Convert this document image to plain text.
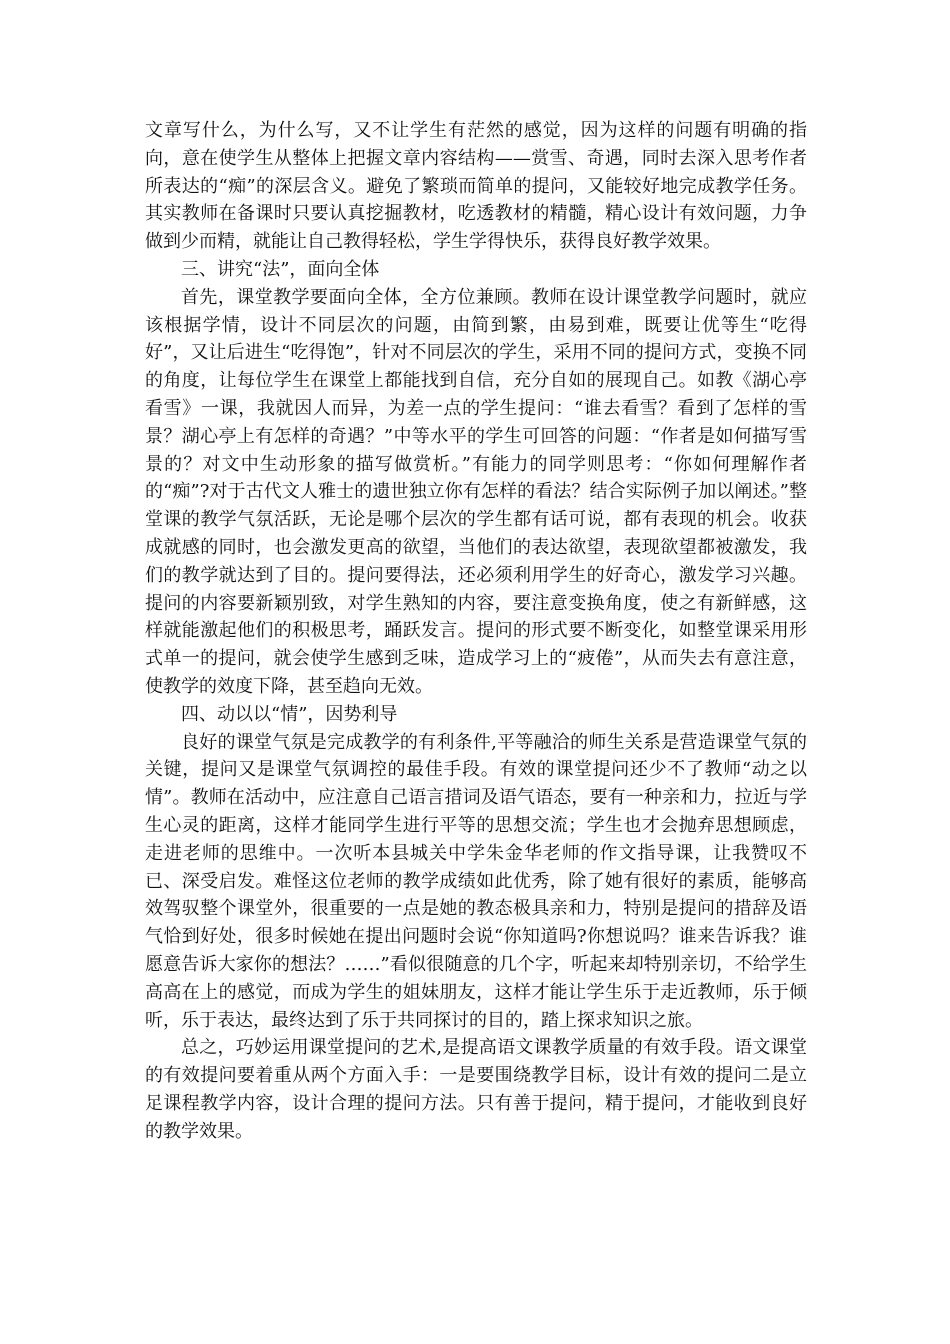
文章写什么，为什么写，又不让学生有茫然的感觉，因为这样的问题有明确的指向，意在使学生从整体上把握文章内容结构——赏雪、奇遇，同时去深入思考作者所表达的“痴”的深层含义。避免了繁琐而简单的提问，又能较好地完成教学任务。其实教师在备课时只要认真挖掘教材，吃透教材的精髓，精心设计有效问题，力争做到少而精，就能让自己教得轻松，学生学得快乐，获得良好教学效果。

三、讲究“法”，面向全体

首先，课堂教学要面向全体，全方位兼顾。教师在设计课堂教学问题时，就应该根据学情，设计不同层次的问题，由简到繁，由易到难，既要让优等生“吃得好”，又让后进生“吃得饱”，针对不同层次的学生，采用不同的提问方式，变换不同的角度，让每位学生在课堂上都能找到自信，充分自如的展现自己。如教《湖心亭看雪》一课，我就因人而异，为差一点的学生提问：“谁去看雪？看到了怎样的雪景？湖心亭上有怎样的奇遇？”中等水平的学生可回答的问题：“作者是如何描写雪景的？对文中生动形象的描写做赏析。”有能力的同学则思考：“你如何理解作者的“痴”?对于古代文人雅士的遗世独立你有怎样的看法？结合实际例子加以阐述。”整堂课的教学气氛活跃，无论是哪个层次的学生都有话可说，都有表现的机会。收获成就感的同时，也会激发更高的欲望，当他们的表达欲望，表现欲望都被激发，我们的教学就达到了目的。提问要得法，还必须利用学生的好奇心，激发学习兴趣。提问的内容要新颖别致，对学生熟知的内容，要注意变换角度，使之有新鲜感，这样就能激起他们的积极思考，踊跃发言。提问的形式要不断变化，如整堂课采用形式单一的提问，就会使学生感到乏味，造成学习上的“疲倦”，从而失去有意注意，使教学的效度下降，甚至趋向无效。

四、动以以“情”，因势利导

良好的课堂气氛是完成教学的有利条件,平等融洽的师生关系是营造课堂气氛的关键，提问又是课堂气氛调控的最佳手段。有效的课堂提问还少不了教师“动之以情”。教师在活动中，应注意自己语言措词及语气语态，要有一种亲和力，拉近与学生心灵的距离，这样才能同学生进行平等的思想交流；学生也才会抛弃思想顾虑，走进老师的思维中。一次听本县城关中学朱金华老师的作文指导课，让我赞叹不已、深受启发。难怪这位老师的教学成绩如此优秀，除了她有很好的素质，能够高效驾驭整个课堂外，很重要的一点是她的教态极具亲和力，特别是提问的措辞及语气恰到好处，很多时候她在提出问题时会说“你知道吗?你想说吗？谁来告诉我？谁愿意告诉大家你的想法？……”看似很随意的几个字，听起来却特别亲切，不给学生高高在上的感觉，而成为学生的姐妹朋友，这样才能让学生乐于走近教师，乐于倾听，乐于表达，最终达到了乐于共同探讨的目的，踏上探求知识之旅。

总之，巧妙运用课堂提问的艺术,是提高语文课教学质量的有效手段。语文课堂的有效提问要着重从两个方面入手：一是要围绕教学目标，设计有效的提问二是立足课程教学内容，设计合理的提问方法。只有善于提问，精于提问，才能收到良好的教学效果。
